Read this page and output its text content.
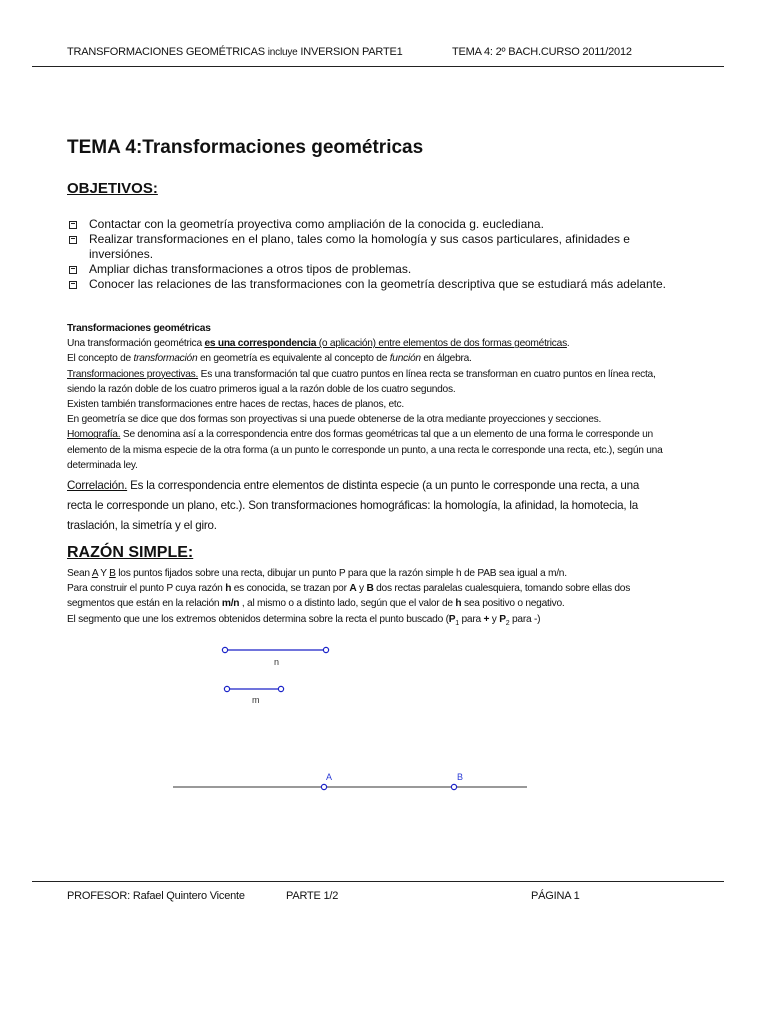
TRANSFORMACIONES GEOMÉTRICAS incluye INVERSION PARTE1	TEMA 4: 2º BACH.CURSO 2011/2012
TEMA 4:Transformaciones geométricas
OBJETIVOS:
Contactar con la geometría proyectiva como ampliación de la conocida g. euclediana.
Realizar transformaciones en el plano, tales como la homología y sus casos particulares, afinidades e inversiónes.
Ampliar dichas transformaciones a otros tipos de problemas.
Conocer las relaciones de las transformaciones con la geometría descriptiva que se estudiará más adelante.

Transformaciones geométricas

Una transformación geométrica es una correspondencia (o aplicación) entre elementos de dos formas geométricas.

El concepto de transformación en geometría es equivalente al concepto de función en álgebra.

Transformaciones proyectivas. Es una transformación tal que cuatro puntos en línea recta se transforman en cuatro puntos en línea recta, siendo la razón doble de los cuatro primeros igual a la razón doble de los cuatro segundos.

Existen también transformaciones entre haces de rectas, haces de planos, etc.

En geometría se dice que dos formas son proyectivas si una puede obtenerse de la otra mediante proyecciones y secciones.

Homografía. Se denomina así a la correspondencia entre dos formas geométricas tal que a un elemento de una forma le corresponde un elemento de la misma especie de la otra forma (a un punto le corresponde un punto, a una recta le corresponde una recta, etc.), según una determinada ley.

Correlación. Es la correspondencia entre elementos de distinta especie (a un punto le corresponde una recta, a una recta le corresponde un plano, etc.). Son transformaciones homográficas: la homología, la afinidad, la homotecia, la traslación, la simetría y el giro.
RAZÓN SIMPLE:

Sean A Y B los puntos fijados sobre una recta, dibujar un punto P para que la razón simple h de PAB sea igual a m/n.

Para construir el punto P cuya razón h es conocida, se trazan por A y B dos rectas paralelas cualesquiera, tomando sobre ellas dos segmentos que están en la relación m/n , al mismo o a distinto lado, según que el valor de h sea positivo o negativo.

El segmento que une los extremos obtenidos determina sobre la recta el punto buscado ($P_1$ para + y $P_2$ para -)

n
m
A	B
PROFESOR: Rafael Quintero Vicente	PARTE 1/2	PÁGINA 1
